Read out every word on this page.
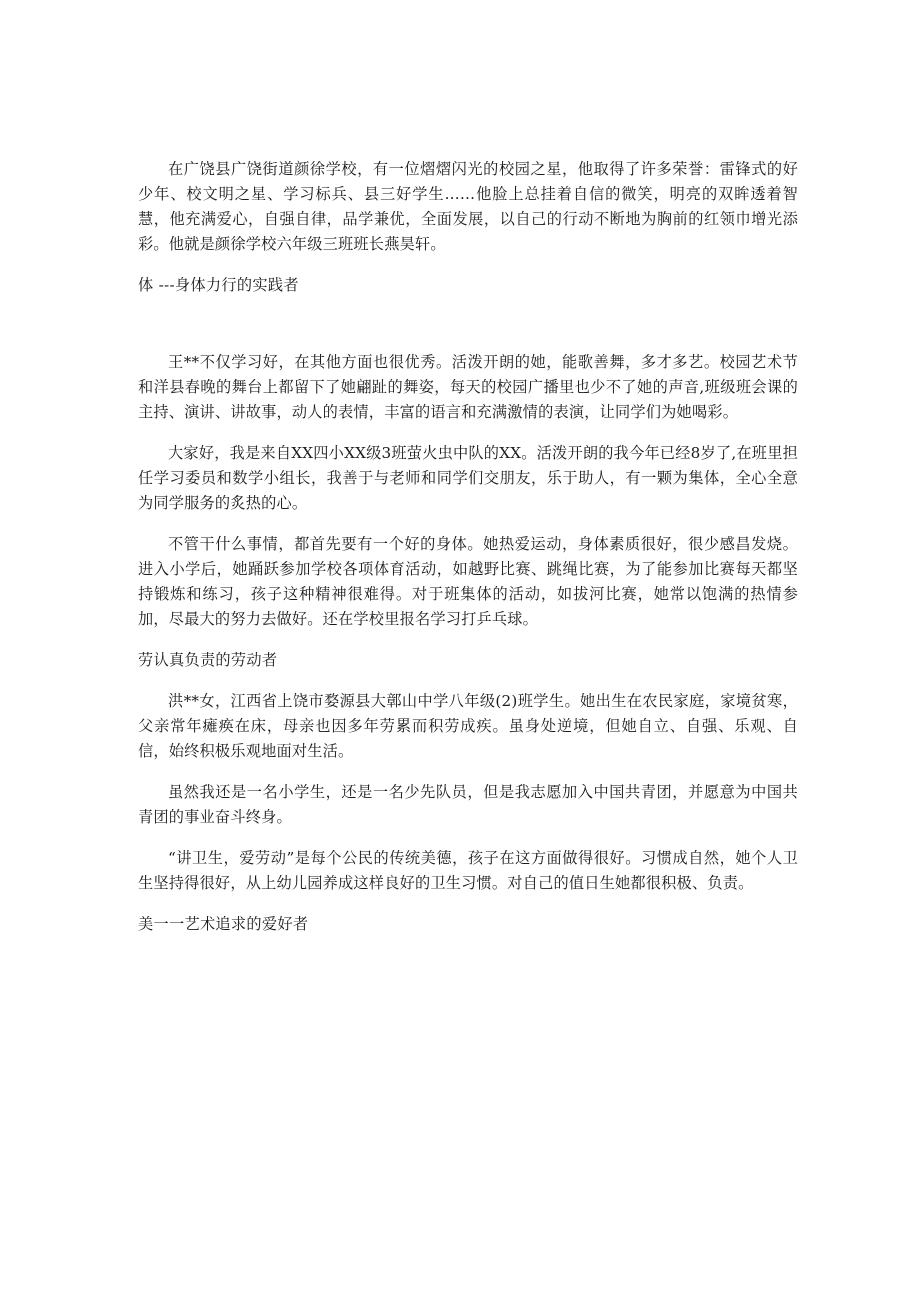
在广饶县广饶街道颜徐学校，有一位熠熠闪光的校园之星，他取得了许多荣誉：雷锋式的好少年、校文明之星、学习标兵、县三好学生……他脸上总挂着自信的微笑，明亮的双眸透着智慧，他充满爱心，自强自律，品学兼优，全面发展，以自己的行动不断地为胸前的红领巾增光添彩。他就是颜徐学校六年级三班班长燕昊轩。

体 ---身体力行的实践者

王**不仅学习好，在其他方面也很优秀。活泼开朗的她，能歌善舞，多才多艺。校园艺术节和洋县春晚的舞台上都留下了她翩趾的舞姿，每天的校园广播里也少不了她的声音,班级班会课的主持、演讲、讲故事，动人的表情，丰富的语言和充满激情的表演，让同学们为她喝彩。

大家好，我是来自XX四小XX级3班萤火虫中队的XX。活泼开朗的我今年已经8岁了,在班里担任学习委员和数学小组长，我善于与老师和同学们交朋友，乐于助人，有一颗为集体，全心全意为同学服务的炙热的心。

不管干什么事情，都首先要有一个好的身体。她热爱运动，身体素质很好，很少感昌发烧。进入小学后，她踊跃参加学校各项体育活动，如越野比赛、跳绳比赛，为了能参加比赛每天都坚持锻炼和练习，孩子这种精神很难得。对于班集体的活动，如拔河比赛，她常以饱满的热情参加，尽最大的努力去做好。还在学校里报名学习打乒乓球。

劳认真负责的劳动者

洪**女，江西省上饶市婺源县大鄣山中学八年级(2)班学生。她出生在农民家庭，家境贫寒，父亲常年瘫痪在床，母亲也因多年劳累而积劳成疾。虽身处逆境，但她自立、自强、乐观、自信，始终积极乐观地面对生活。

虽然我还是一名小学生，还是一名少先队员，但是我志愿加入中国共青团，并愿意为中国共青团的事业奋斗终身。

“讲卫生，爱劳动”是每个公民的传统美德，孩子在这方面做得很好。习惯成自然，她个人卫生坚持得很好，从上幼儿园养成这样良好的卫生习惯。对自己的值日生她都很积极、负责。

美一一艺术追求的爱好者
